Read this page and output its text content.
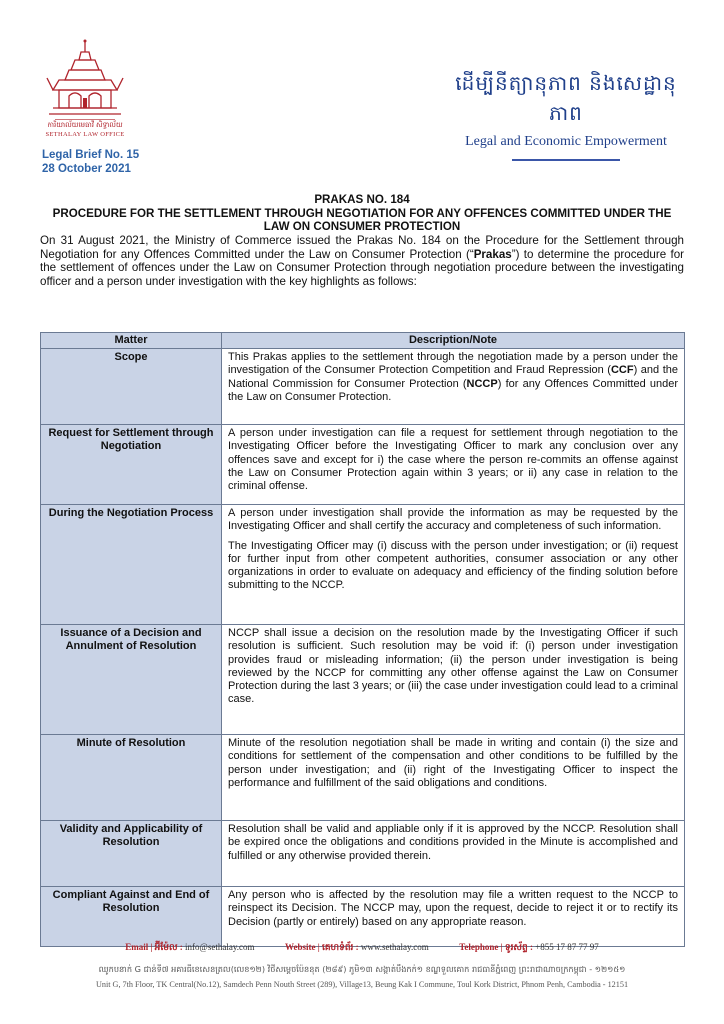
ការិយាល័យមេធាវី សិទ្ធាល័យ
SETHALAY LAW OFFICE
Legal Brief No. 15
28 October 2021
ដើម្បីនីត្យានុភាព និងសេដ្ឋានុភាព
Legal and Economic Empowerment
PRAKAS NO. 184
PROCEDURE FOR THE SETTLEMENT THROUGH NEGOTIATION FOR ANY OFFENCES COMMITTED UNDER THE LAW ON CONSUMER PROTECTION
On 31 August 2021, the Ministry of Commerce issued the Prakas No. 184 on the Procedure for the Settlement through Negotiation for any Offences Committed under the Law on Consumer Protection (“Prakas”) to determine the procedure for the settlement of offences under the Law on Consumer Protection through negotiation procedure between the investigating officer and a person under investigation with the key highlights as follows:
Matter	Description/Note
Scope	This Prakas applies to the settlement through the negotiation made by a person under the investigation of the Consumer Protection Competition and Fraud Repression (CCF) and the National Commission for Consumer Protection (NCCP) for any Offences Committed under the Law on Consumer Protection.
Request for Settlement through Negotiation	A person under investigation can file a request for settlement through negotiation to the Investigating Officer before the Investigating Officer to mark any conclusion over any offences save and except for i) the case where the person re-commits an offense against the Law on Consumer Protection again within 3 years; or ii) any case in relation to the criminal offense.
During the Negotiation Process	A person under investigation shall provide the information as may be requested by the Investigating Officer and shall certify the accuracy and completeness of such information.

The Investigating Officer may (i) discuss with the person under investigation; or (ii) request for further input from other competent authorities, consumer association or any other organizations in order to evaluate on adequacy and efficiency of the finding solution before submitting to the NCCP.

Issuance of a Decision and Annulment of Resolution	NCCP shall issue a decision on the resolution made by the Investigating Officer if such resolution is sufficient. Such resolution may be void if: (i) person under investigation provides fraud or misleading information; (ii) the person under investigation is being reviewed by the NCCP for committing any other offense against the Law on Consumer Protection during the last 3 years; or (iii) the case under investigation could lead to a criminal case.
Minute of Resolution	Minute of the resolution negotiation shall be made in writing and contain (i) the size and conditions for settlement of the compensation and other conditions to be fulfilled by the person under investigation; and (ii) right of the Investigating Officer to inspect the performance and fulfillment of the said obligations and conditions.
Validity and Applicability of Resolution	Resolution shall be valid and appliable only if it is approved by the NCCP. Resolution shall be expired once the obligations and conditions provided in the Minute is accomplished and fulfilled or any otherwise provided therein.
Compliant Against and End of Resolution	Any person who is affected by the resolution may file a written request to the NCCP to reinspect its Decision. The NCCP may, upon the request, decide to reject it or to rectify its Decision (partly or entirely) based on any appropriate reason.
Email | អ៊ីម៉ែល : info@sethalay.com	Website | គេហទំព័រ : www.sethalay.com	Telephone | ទូរស័ព្ទ : +855 17 87 77 97
ឈូកបនាក់ G ជាន់ទី៧ អគារធីខេសេនត្រល(លេខ១២) វិថីសម្ដេចប៉ែននុត (២៨៩) ភូមិ១៣ សង្កាត់បឹងកក់១ ខណ្ឌទួលគោក រាជធានីភ្នំពេញ ព្រះរាជាណាចក្រកម្ពុជា - ១២១៥១
Unit G, 7th Floor, TK Central(No.12), Samdech Penn Nouth Street (289), Village13, Beung Kak I Commune, Toul Kork District, Phnom Penh, Cambodia - 12151
